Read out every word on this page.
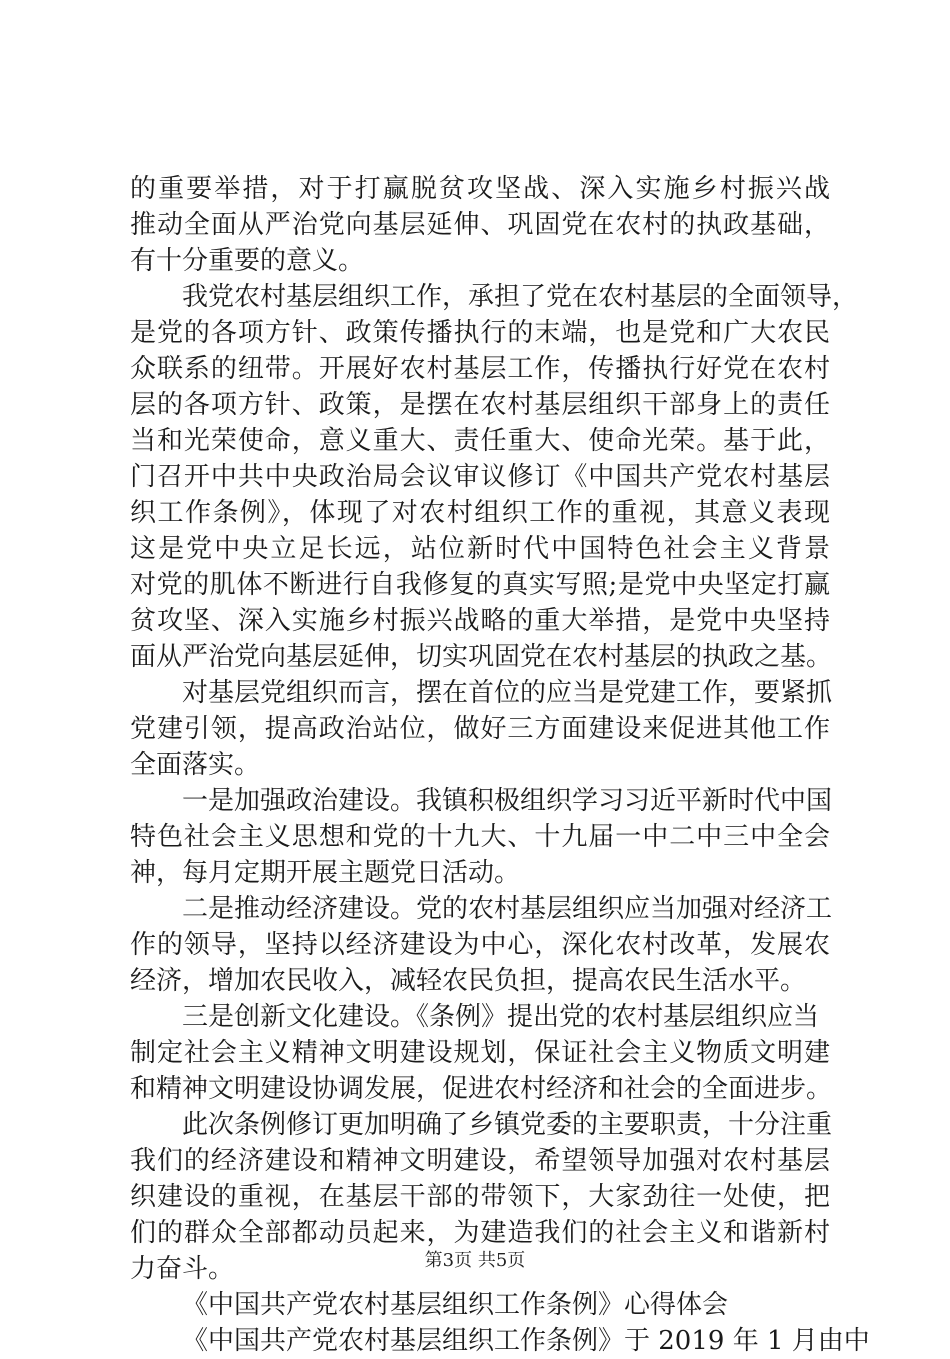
的重要举措，对于打赢脱贫攻坚战、深入实施乡村振兴战
推动全面从严治党向基层延伸、巩固党在农村的执政基础，
有十分重要的意义。
我党农村基层组织工作，承担了党在农村基层的全面领导，
是党的各项方针、政策传播执行的末端，也是党和广大农民
众联系的纽带。开展好农村基层工作，传播执行好党在农村
层的各项方针、政策，是摆在农村基层组织干部身上的责任
当和光荣使命，意义重大、责任重大、使命光荣。基于此，
门召开中共中央政治局会议审议修订《中国共产党农村基层
织工作条例》，体现了对农村组织工作的重视，其意义表现
这是党中央立足长远，站位新时代中国特色社会主义背景
对党的肌体不断进行自我修复的真实写照;是党中央坚定打赢
贫攻坚、深入实施乡村振兴战略的重大举措，是党中央坚持
面从严治党向基层延伸，切实巩固党在农村基层的执政之基。
对基层党组织而言，摆在首位的应当是党建工作，要紧抓
党建引领，提高政治站位，做好三方面建设来促进其他工作
全面落实。
一是加强政治建设。我镇积极组织学习习近平新时代中国
特色社会主义思想和党的十九大、十九届一中二中三中全会
神，每月定期开展主题党日活动。
二是推动经济建设。党的农村基层组织应当加强对经济工
作的领导，坚持以经济建设为中心，深化农村改革，发展农
经济，增加农民收入，减轻农民负担，提高农民生活水平。
三是创新文化建设。《条例》提出党的农村基层组织应当
制定社会主义精神文明建设规划，保证社会主义物质文明建
和精神文明建设协调发展，促进农村经济和社会的全面进步。
此次条例修订更加明确了乡镇党委的主要职责，十分注重
我们的经济建设和精神文明建设，希望领导加强对农村基层
织建设的重视，在基层干部的带领下，大家劲往一处使，把
们的群众全部都动员起来，为建造我们的社会主义和谐新村
力奋斗。
《中国共产党农村基层组织工作条例》心得体会
《中国共产党农村基层组织工作条例》于 2019 年 1 月由中
第3页 共5页
